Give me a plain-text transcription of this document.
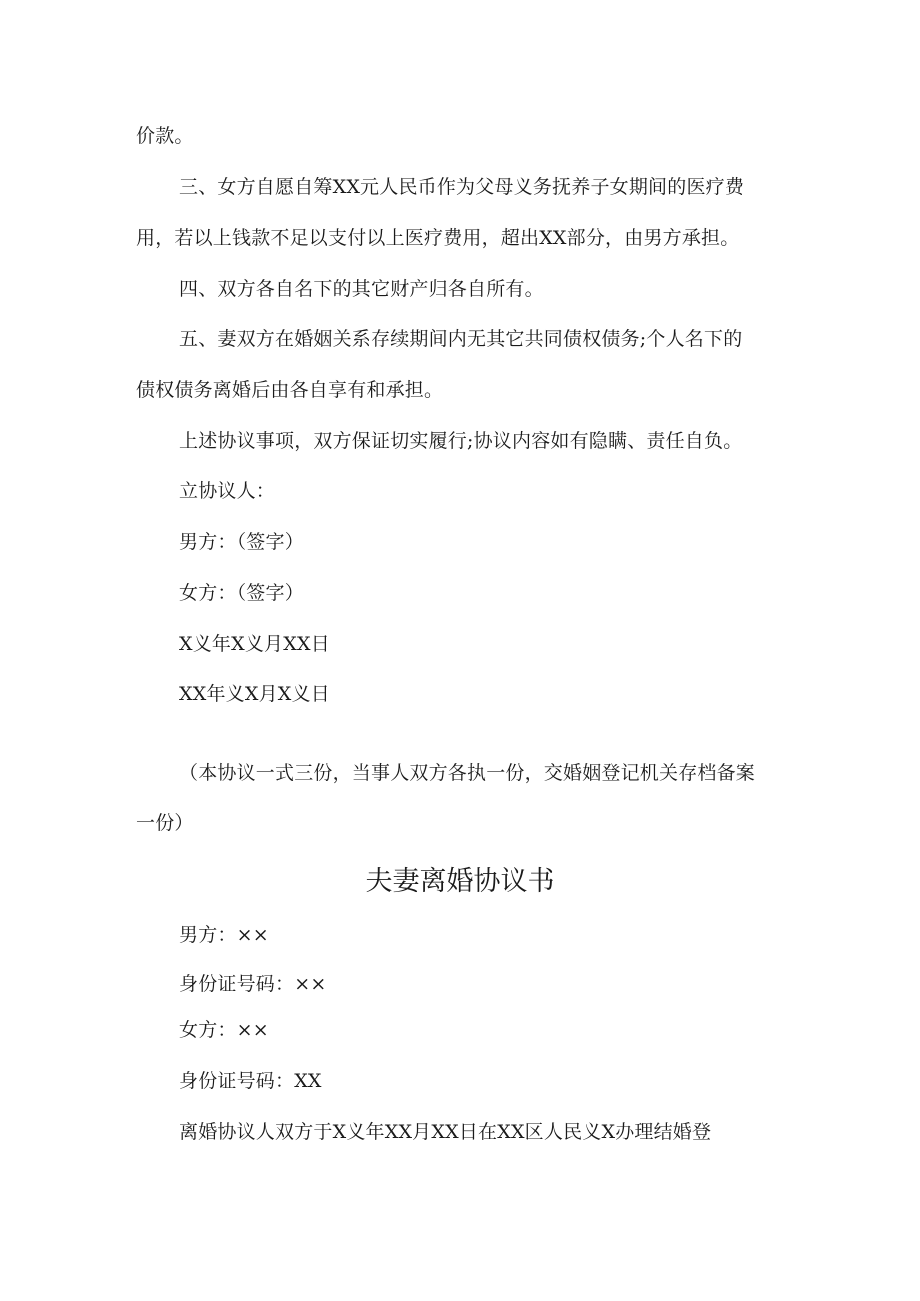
价款。
三、女方自愿自筹XX元人民币作为父母义务抚养子女期间的医疗费
用，若以上钱款不足以支付以上医疗费用，超出XX部分，由男方承担。
四、双方各自名下的其它财产归各自所有。
五、妻双方在婚姻关系存续期间内无其它共同债权债务;个人名下的
债权债务离婚后由各自享有和承担。
上述协议事项，双方保证切实履行;协议内容如有隐瞒、责任自负。
立协议人：
男方：（签字）
女方：（签字）
X义年X义月XX日
XX年义X月X义日
（本协议一式三份，当事人双方各执一份，交婚姻登记机关存档备案
一份）
夫妻离婚协议书
男方：××
身份证号码：××
女方：××
身份证号码：XX
离婚协议人双方于X义年XX月XX日在XX区人民义X办理结婚登
